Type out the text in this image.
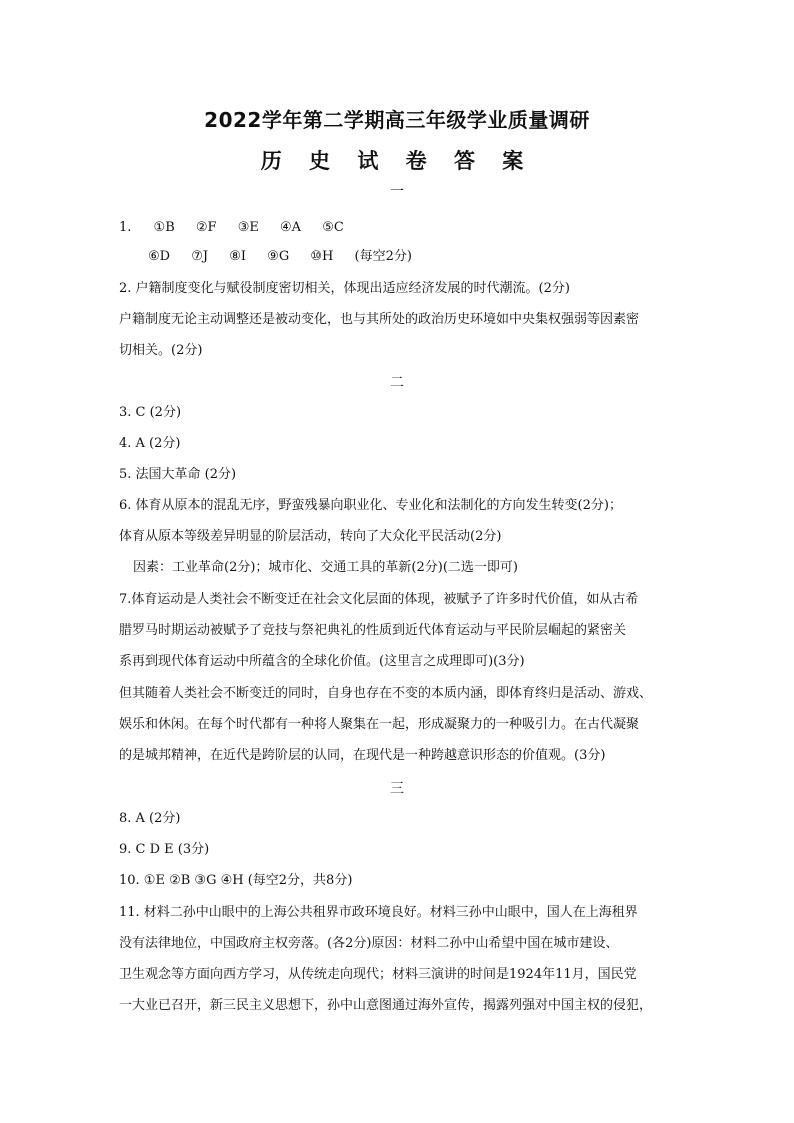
2022学年第二学期高三年级学业质量调研
历 史 试 卷 答 案
一
1. ①B ②F ③E ④A ⑤C
⑥D ⑦J ⑧I ⑨G ⑩H (每空2分)
2. 户籍制度变化与赋役制度密切相关，体现出适应经济发展的时代潮流。(2分)
户籍制度无论主动调整还是被动变化，也与其所处的政治历史环境如中央集权强弱等因素密
切相关。(2分)
二
3. C (2分)
4. A (2分)
5. 法国大革命 (2分)
6. 体育从原本的混乱无序，野蛮残暴向职业化、专业化和法制化的方向发生转变(2分)；
体育从原本等级差异明显的阶层活动，转向了大众化平民活动(2分)
因素：工业革命(2分)；城市化、交通工具的革新(2分)(二选一即可)
7.体育运动是人类社会不断变迁在社会文化层面的体现，被赋予了许多时代价值，如从古希
腊罗马时期运动被赋予了竞技与祭祀典礼的性质到近代体育运动与平民阶层崛起的紧密关
系再到现代体育运动中所蕴含的全球化价值。(这里言之成理即可)(3分)
但其随着人类社会不断变迁的同时，自身也存在不变的本质内涵，即体育终归是活动、游戏、
娱乐和休闲。在每个时代都有一种将人聚集在一起，形成凝聚力的一种吸引力。在古代凝聚
的是城邦精神，在近代是跨阶层的认同，在现代是一种跨越意识形态的价值观。(3分)
三
8. A (2分)
9. C D E (3分)
10. ①E ②B ③G ④H (每空2分，共8分)
11. 材料二孙中山眼中的上海公共租界市政环境良好。材料三孙中山眼中，国人在上海租界
没有法律地位，中国政府主权旁落。(各2分)原因：材料二孙中山希望中国在城市建设、
卫生观念等方面向西方学习，从传统走向现代；材料三演讲的时间是1924年11月，国民党
一大业已召开，新三民主义思想下，孙中山意图通过海外宣传，揭露列强对中国主权的侵犯，
